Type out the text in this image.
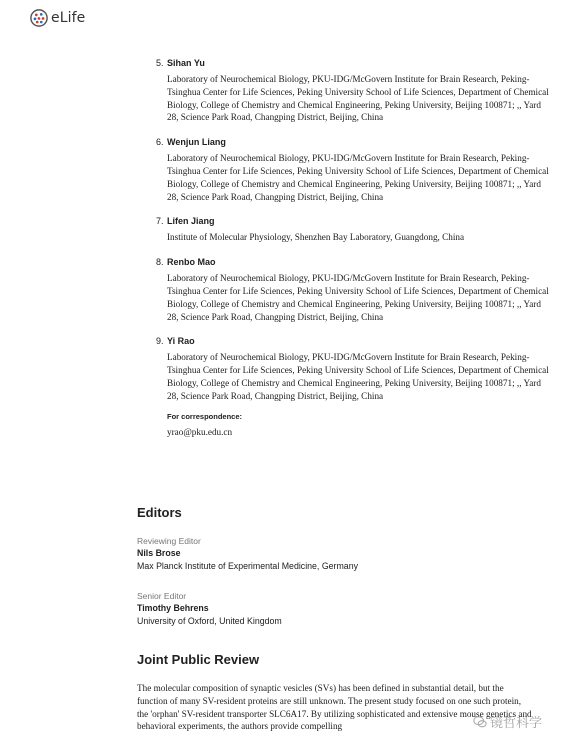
eLife
5. Sihan Yu
Laboratory of Neurochemical Biology, PKU-IDG/McGovern Institute for Brain Research, Peking-Tsinghua Center for Life Sciences, Peking University School of Life Sciences, Department of Chemical Biology, College of Chemistry and Chemical Engineering, Peking University, Beijing 100871; ,, Yard 28, Science Park Road, Changping District, Beijing, China
6. Wenjun Liang
Laboratory of Neurochemical Biology, PKU-IDG/McGovern Institute for Brain Research, Peking-Tsinghua Center for Life Sciences, Peking University School of Life Sciences, Department of Chemical Biology, College of Chemistry and Chemical Engineering, Peking University, Beijing 100871; ,, Yard 28, Science Park Road, Changping District, Beijing, China
7. Lifen Jiang
Institute of Molecular Physiology, Shenzhen Bay Laboratory, Guangdong, China
8. Renbo Mao
Laboratory of Neurochemical Biology, PKU-IDG/McGovern Institute for Brain Research, Peking-Tsinghua Center for Life Sciences, Peking University School of Life Sciences, Department of Chemical Biology, College of Chemistry and Chemical Engineering, Peking University, Beijing 100871; ,, Yard 28, Science Park Road, Changping District, Beijing, China
9. Yi Rao
Laboratory of Neurochemical Biology, PKU-IDG/McGovern Institute for Brain Research, Peking-Tsinghua Center for Life Sciences, Peking University School of Life Sciences, Department of Chemical Biology, College of Chemistry and Chemical Engineering, Peking University, Beijing 100871; ,, Yard 28, Science Park Road, Changping District, Beijing, China
For correspondence:
yrao@pku.edu.cn
Editors
Reviewing Editor
Nils Brose
Max Planck Institute of Experimental Medicine, Germany
Senior Editor
Timothy Behrens
University of Oxford, United Kingdom
Joint Public Review

The molecular composition of synaptic vesicles (SVs) has been defined in substantial detail, but the function of many SV-resident proteins are still unknown. The present study focused on one such protein, the 'orphan' SV-resident transporter SLC6A17. By utilizing sophisticated and extensive mouse genetics and behavioral experiments, the authors provide compelling	镜哲科学
